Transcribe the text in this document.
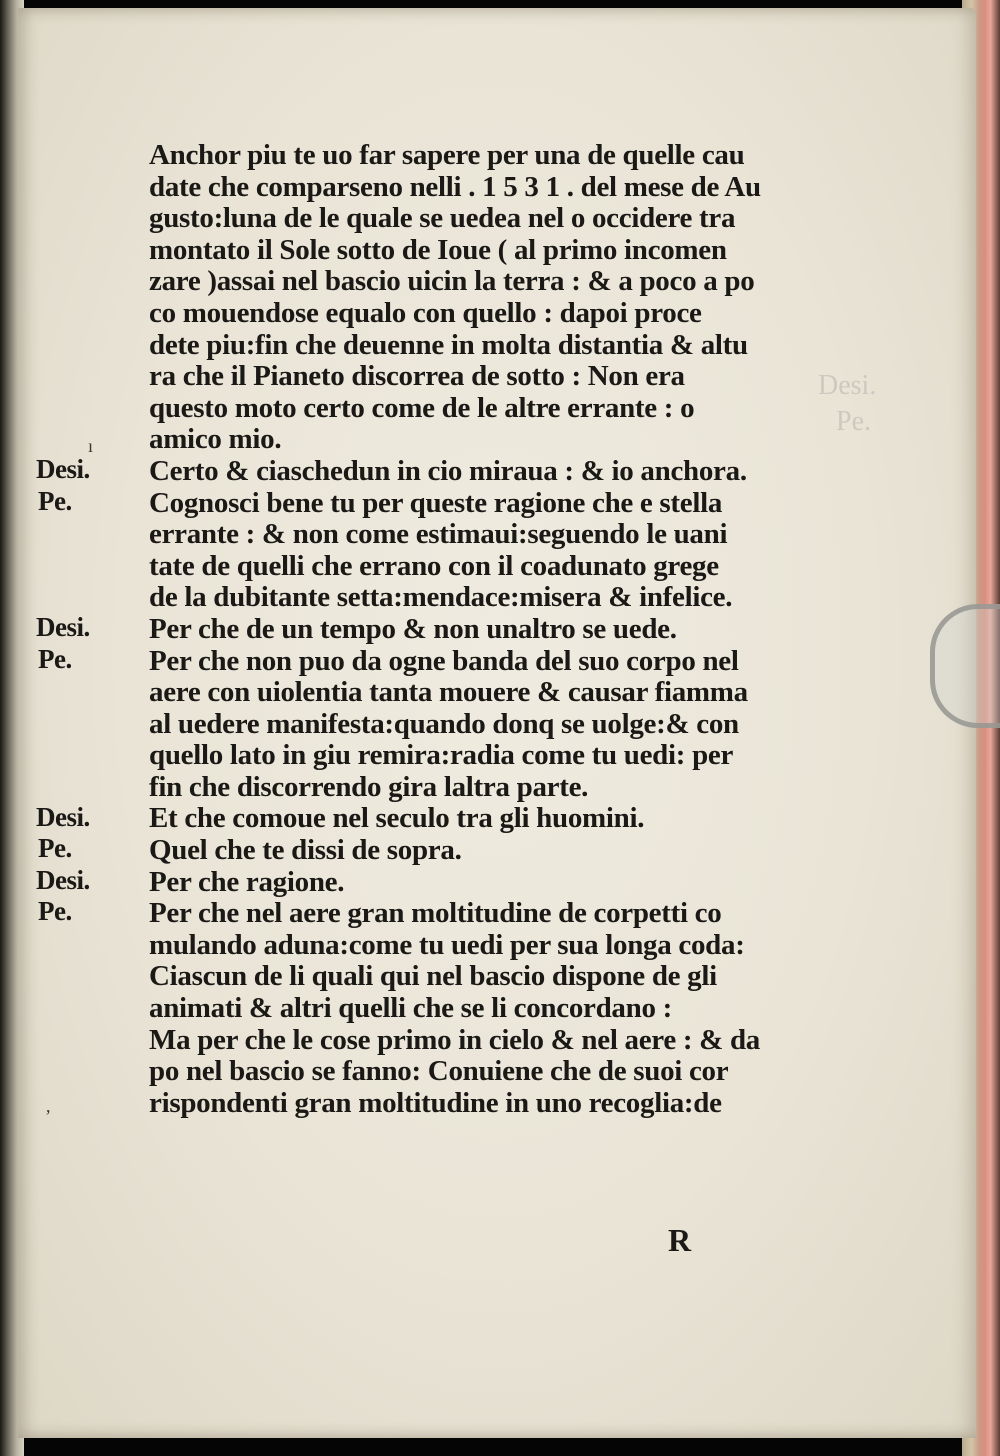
Desi.
Pe.
ı
,
Desi.
Pe.
Desi.
Pe.
Desi.
Pe.
Desi.
Pe.
Anchor piu te uo far sapere per una de quelle cau
date che comparseno nelli . 1 5 3 1 . del mese de Au
gusto:luna de le quale se uedea nel o occidere tra
montato il Sole sotto de Ioue ( al primo incomen
zare )assai nel bascio uicin la terra : & a poco a po
co mouendose equalo con quello : dapoi proce
dete piu:fin che deuenne in molta distantia & altu
ra che il Pianeto discorrea de sotto : Non era
questo moto certo come de le altre errante : o
amico mio.
Certo & ciaschedun in cio miraua : & io anchora.
Cognosci bene tu per queste ragione che e stella
errante : & non come estimaui:seguendo le uani
tate de quelli che errano con il coadunato grege
de la dubitante setta:mendace:misera & infelice.
Per che de un tempo & non unaltro se uede.
Per che non puo da ogne banda del suo corpo nel
aere con uiolentia tanta mouere & causar fiamma
al uedere manifesta:quando donq se uolge:& con
quello lato in giu remira:radia come tu uedi: per
fin che discorrendo gira laltra parte.
Et che comoue nel seculo tra gli huomini.
Quel che te dissi de sopra.
Per che ragione.
Per che nel aere gran moltitudine de corpetti co
mulando aduna:come tu uedi per sua longa coda:
Ciascun de li quali qui nel bascio dispone de gli
animati & altri quelli che se li concordano :
Ma per che le cose primo in cielo & nel aere : & da
po nel bascio se fanno: Conuiene che de suoi cor
rispondenti gran moltitudine in uno recoglia:de
R
